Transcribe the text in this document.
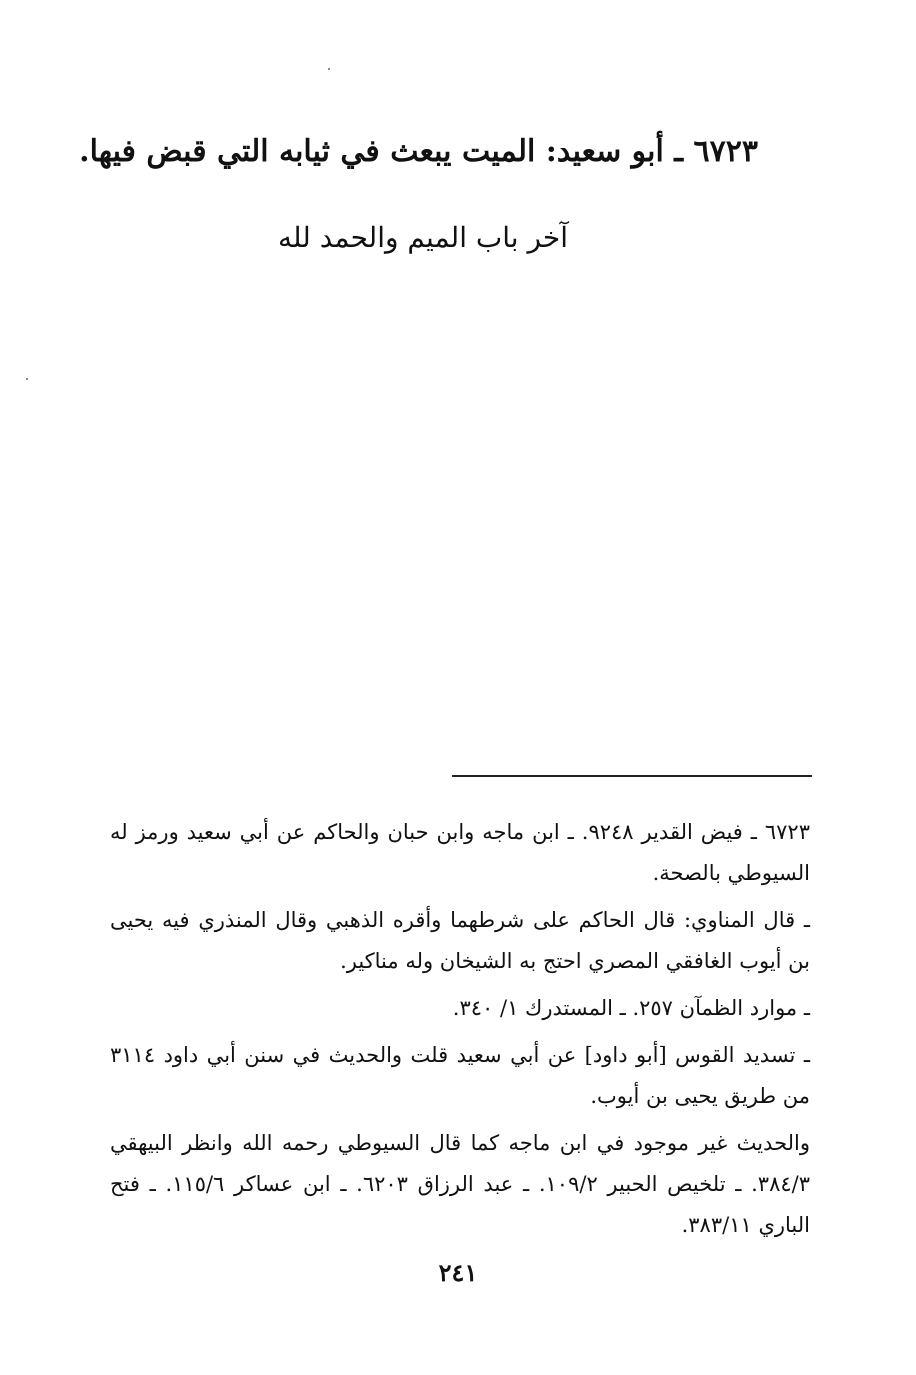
٦٧٢٣ ـ أبو سعيد: الميت يبعث في ثيابه التي قبض فيها.
آخر باب الميم والحمد لله

٦٧٢٣ ـ فيض القدير ٩٢٤٨. ـ ابن ماجه وابن حبان والحاكم عن أبي سعيد ورمز له السيوطي بالصحة.

ـ قال المناوي: قال الحاكم على شرطهما وأقره الذهبي وقال المنذري فيه يحيى بن أيوب الغافقي المصري احتج به الشيخان وله مناكير.

ـ موارد الظمآن ٢٥٧. ـ المستدرك ١/ ٣٤٠.

ـ تسديد القوس [أبو داود] عن أبي سعيد قلت والحديث في سنن أبي داود ٣١١٤ من طريق يحيى بن أيوب.

والحديث غير موجود في ابن ماجه كما قال السيوطي رحمه الله وانظر البيهقي ٣٨٤/٣. ـ تلخيص الحبير ١٠٩/٢. ـ عبد الرزاق ٦٢٠٣. ـ ابن عساكر ١١٥/٦. ـ فتح الباري ٣٨٣/١١.

٢٤١
